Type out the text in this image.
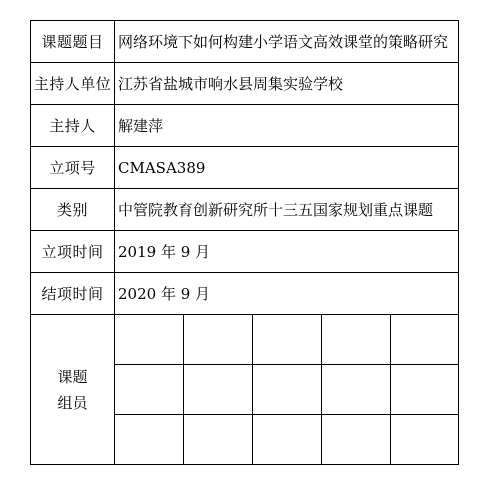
课题题目	网络环境下如何构建小学语文高效课堂的策略研究				
主持人单位	江苏省盐城市响水县周集实验学校				
主持人	解建萍				
立项号	CMASA389				
类别	中管院教育创新研究所十三五国家规划重点课题				
立项时间	2019 年 9 月				
结项时间	2020 年 9 月				

课题
组员					
